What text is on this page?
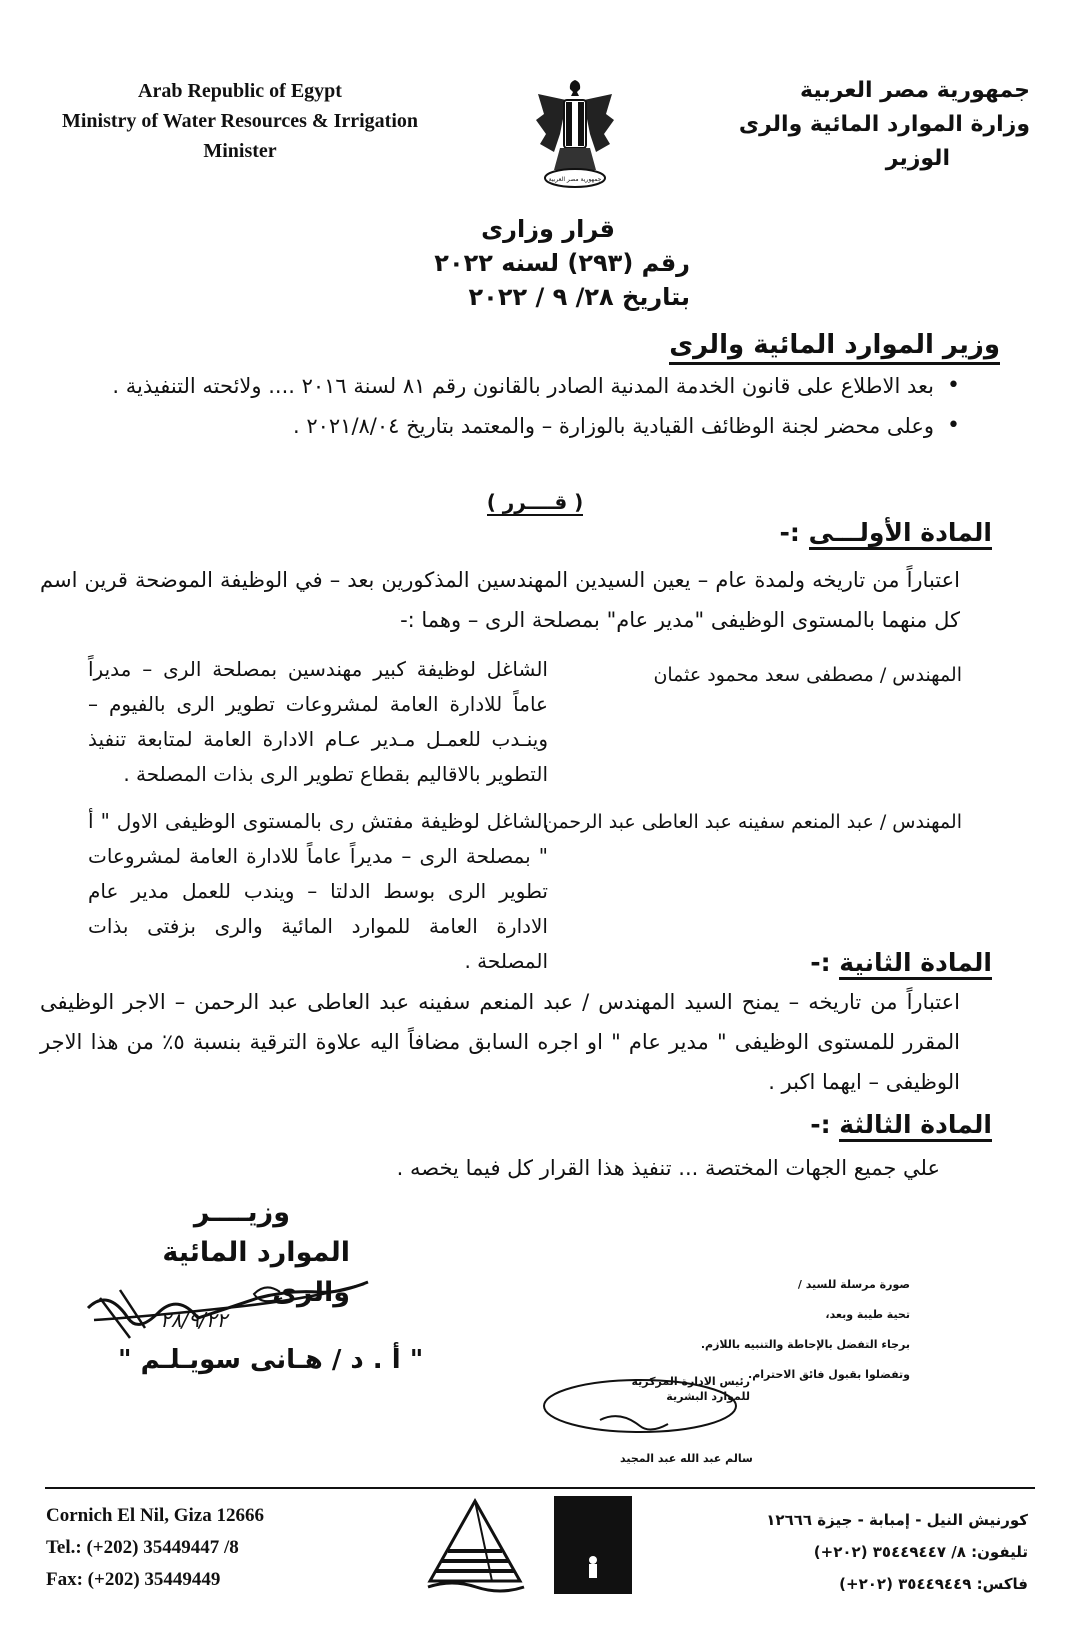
Arab Republic of Egypt
Ministry of Water Resources & Irrigation
Minister
جمهورية مصر العربية
جمهورية مصر العربية
وزارة الموارد المائية والرى
الوزير
قرار وزارى
رقم (٢٩٣) لسنه ٢٠٢٢
بتاريخ ٢٨/ ٩ / ٢٠٢٢
وزير الموارد المائية والرى
• بعد الاطلاع على قانون الخدمة المدنية الصادر بالقانون رقم ٨١ لسنة ٢٠١٦ .... ولائحته التنفيذية .
• وعلى محضر لجنة الوظائف القيادية بالوزارة – والمعتمد بتاريخ ٢٠٢١/٨/٠٤ .
( قــــرر )
المادة الأولـــى :-
اعتباراً من تاريخه ولمدة عام – يعين السيدين المهندسين المذكورين بعد – في الوظيفة الموضحة قرين اسم كل منهما بالمستوى الوظيفى "مدير عام" بمصلحة الرى – وهما :-
المهندس / مصطفى سعد محمود عثمان
الشاغل لوظيفة كبير مهندسين بمصلحة الرى – مديراً عاماً للادارة العامة لمشروعات تطوير الرى بالفيوم – وينـدب للعمـل مـدير عـام الادارة العامة لمتابعة تنفيذ التطوير بالاقاليم بقطاع تطوير الرى بذات المصلحة .
المهندس / عبد المنعم سفينه عبد العاطى عبد الرحمن
الشاغل لوظيفة مفتش رى بالمستوى الوظيفى الاول " أ " بمصلحة الرى – مديراً عاماً للادارة العامة لمشروعات تطوير الرى بوسط الدلتا – ويندب للعمل مدير عام الادارة العامة للموارد المائية والرى بزفتى بذات المصلحة .	المادة الثانية :-
اعتباراً من تاريخه – يمنح السيد المهندس / عبد المنعم سفينه عبد العاطى عبد الرحمن – الاجر الوظيفى المقرر للمستوى الوظيفى " مدير عام " او اجره السابق مضافاً اليه علاوة الترقية بنسبة ٥٪ من هذا الاجر الوظيفى – ايهما اكبر .
المادة الثالثة :-
علي جميع الجهات المختصة ... تنفيذ هذا القرار كل فيما يخصه .
وزيــــر
الموارد المائية والرى
٢٨/٩/٢٢
" أ . د / هـانى سويـلـم "
صورة مرسلة للسيد /
تحية طيبة وبعد،
برجاء التفضل بالإحاطة والتنبيه باللازم.
وتفضلوا بقبول فائق الاحترام.
رئيس الادارة المركزية للموارد البشرية
سالم عبد الله عبد المجيد
Cornich El Nil, Giza 12666
Tel.: (+202) 35449447 /8
Fax: (+202) 35449449
كورنيش النيل - إمبابة - جيزة ١٢٦٦٦
تليفون: ٨/ ٣٥٤٤٩٤٤٧ (٢٠٢+)
فاكس: ٣٥٤٤٩٤٤٩ (٢٠٢+)
